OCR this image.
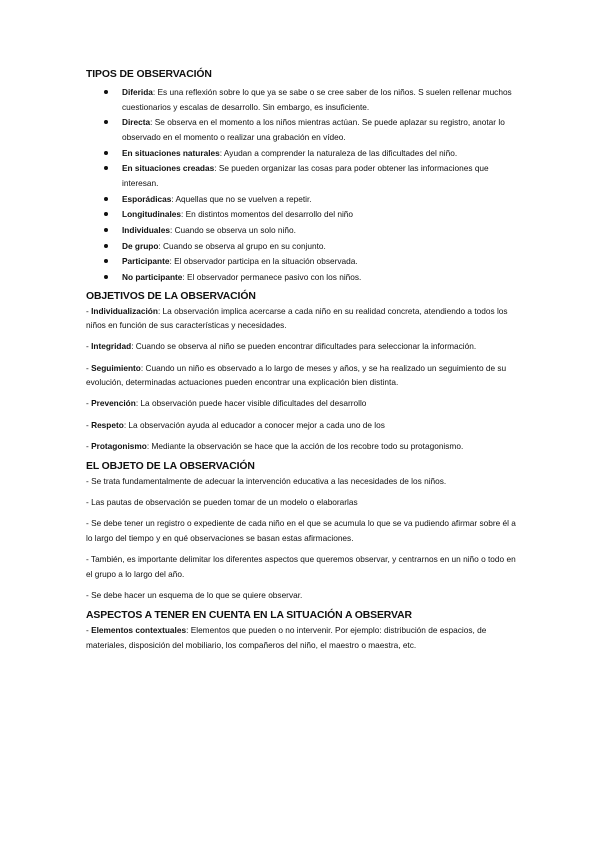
TIPOS DE OBSERVACIÓN
Diferida: Es una reflexión sobre lo que ya se sabe o se cree saber de los niños. S suelen rellenar muchos cuestionarios y escalas de desarrollo. Sin embargo, es insuficiente.
Directa: Se observa en el momento a los niños mientras actúan. Se puede aplazar su registro, anotar lo observado en el momento o realizar una grabación en vídeo.
En situaciones naturales: Ayudan a comprender la naturaleza de las dificultades del niño.
En situaciones creadas: Se pueden organizar las cosas para poder obtener las informaciones que interesan.
Esporádicas: Aquellas que no se vuelven a repetir.
Longitudinales: En distintos momentos del desarrollo del niño
Individuales: Cuando se observa un solo niño.
De grupo: Cuando se observa al grupo en su conjunto.
Participante: El observador participa en la situación observada.
No participante: El observador permanece pasivo con los niños.
OBJETIVOS DE LA OBSERVACIÓN

- Individualización: La observación implica acercarse a cada niño en su realidad concreta, atendiendo a todos los niños en función de sus características y necesidades.

- Integridad: Cuando se observa al niño se pueden encontrar dificultades para seleccionar la información.

- Seguimiento: Cuando un niño es observado a lo largo de meses y años, y se ha realizado un seguimiento de su evolución, determinadas actuaciones pueden encontrar una explicación bien distinta.

- Prevención: La observación puede hacer visible dificultades del desarrollo

- Respeto: La observación ayuda al educador a conocer mejor a cada uno de los

- Protagonismo: Mediante la observación se hace que la acción de los recobre todo su protagonismo.

EL OBJETO DE LA OBSERVACIÓN

- Se trata fundamentalmente de adecuar la intervención educativa a las necesidades de los niños.

- Las pautas de observación se pueden tomar de un modelo o elaborarlas

- Se debe tener un registro o expediente de cada niño en el que se acumula lo que se va pudiendo afirmar sobre él a lo largo del tiempo y en qué observaciones se basan estas afirmaciones.

- También, es importante delimitar los diferentes aspectos que queremos observar, y centrarnos en un niño o todo en el grupo a lo largo del año.

- Se debe hacer un esquema de lo que se quiere observar.

ASPECTOS A TENER EN CUENTA EN LA SITUACIÓN A OBSERVAR

- Elementos contextuales: Elementos que pueden o no intervenir. Por ejemplo: distribución de espacios, de materiales, disposición del mobiliario, los compañeros del niño, el maestro o maestra, etc.
